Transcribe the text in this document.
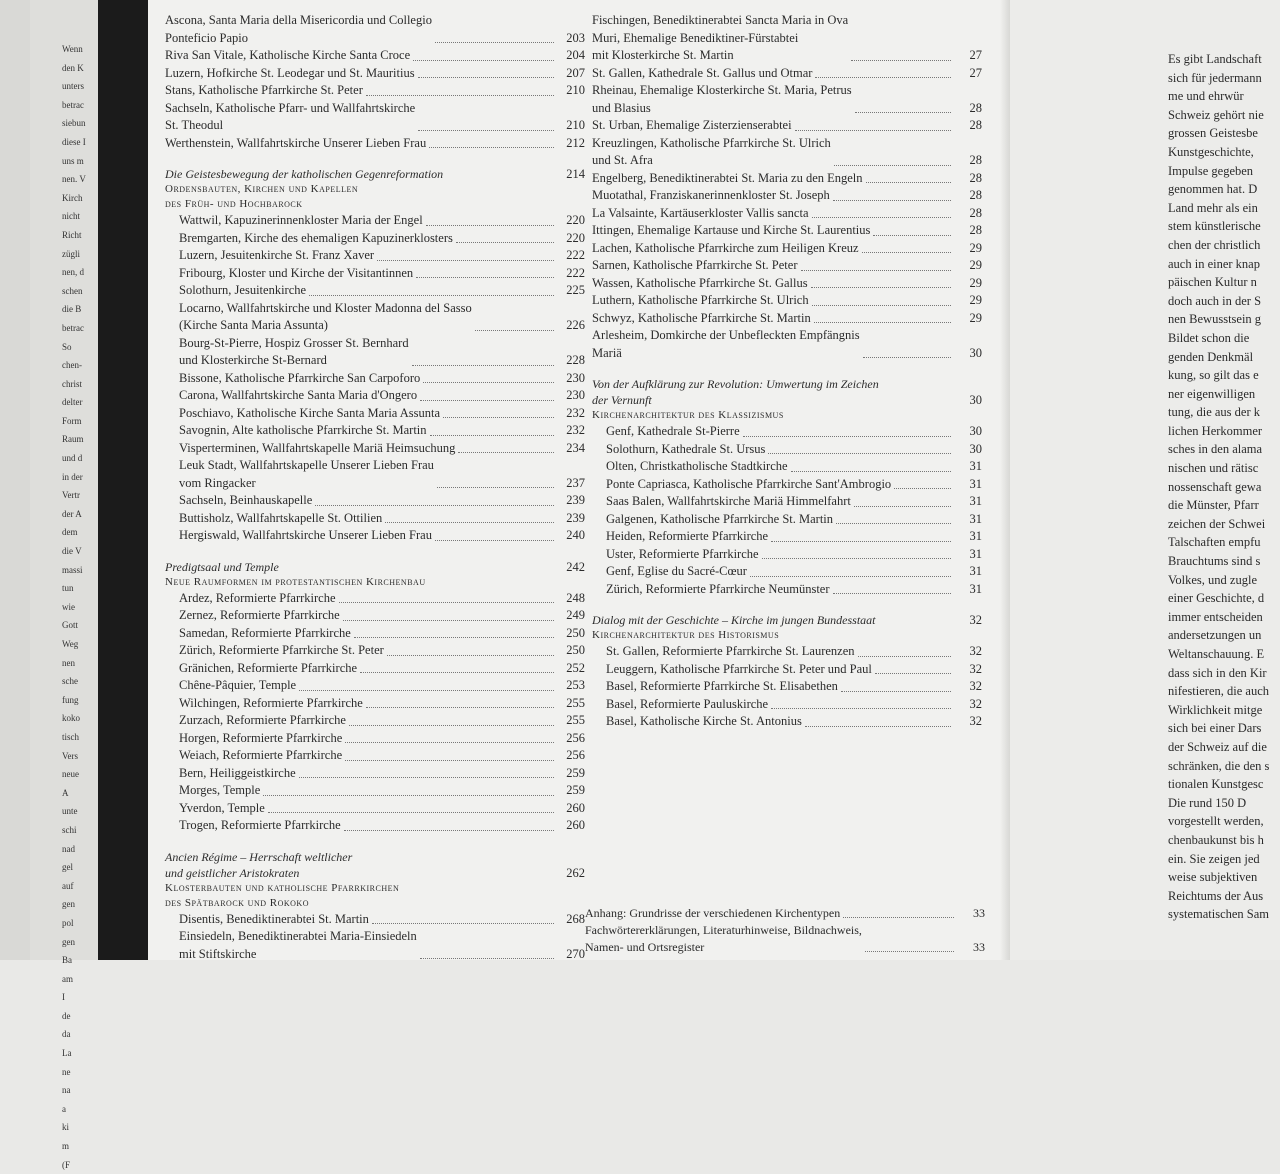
Wenn
den K
unters
betrac
siebun
diese I
uns m
nen. V
Kirch
nicht
Richt
zügli
nen, d
schen
die B
betrac
So
chen-
christ
delter
Form
Raum
und d
in der
Vertr
der A
dem
die V
massi
tun
wie
Gott
Weg
nen
sche
fung
koko
tisch
Vers
neue
A
unte
schi
nad
gel
auf
gen
pol
gen
Ba
am
I
de
da
La
ne
na
a
ki
m
(F
Ascona, Santa Maria della Misericordia und Collegio
Ponteficio Papio	203
Riva San Vitale, Katholische Kirche Santa Croce	204
Luzern, Hofkirche St. Leodegar und St. Mauritius	207
Stans, Katholische Pfarrkirche St. Peter	210
Sachseln, Katholische Pfarr- und Wallfahrtskirche
St. Theodul	210
Werthenstein, Wallfahrtskirche Unserer Lieben Frau	212
Die Geistesbewegung der katholischen Gegenreformation	214
Ordensbauten, Kirchen und Kapellen
des Früh- und Hochbarock
Wattwil, Kapuzinerinnenkloster Maria der Engel	220
Bremgarten, Kirche des ehemaligen Kapuzinerklosters	220
Luzern, Jesuitenkirche St. Franz Xaver	222
Fribourg, Kloster und Kirche der Visitantinnen	222
Solothurn, Jesuitenkirche	225
Locarno, Wallfahrtskirche und Kloster Madonna del Sasso
(Kirche Santa Maria Assunta)	226
Bourg-St-Pierre, Hospiz Grosser St. Bernhard
und Klosterkirche St-Bernard	228
Bissone, Katholische Pfarrkirche San Carpoforo	230
Carona, Wallfahrtskirche Santa Maria d'Ongero	230
Poschiavo, Katholische Kirche Santa Maria Assunta	232
Savognin, Alte katholische Pfarrkirche St. Martin	232
Visperterminen, Wallfahrtskapelle Mariä Heimsuchung	234
Leuk Stadt, Wallfahrtskapelle Unserer Lieben Frau
vom Ringacker	237
Sachseln, Beinhauskapelle	239
Buttisholz, Wallfahrtskapelle St. Ottilien	239
Hergiswald, Wallfahrtskirche Unserer Lieben Frau	240
Predigtsaal und Temple	242
Neue Raumformen im protestantischen Kirchenbau
Ardez, Reformierte Pfarrkirche	248
Zernez, Reformierte Pfarrkirche	249
Samedan, Reformierte Pfarrkirche	250
Zürich, Reformierte Pfarrkirche St. Peter	250
Gränichen, Reformierte Pfarrkirche	252
Chêne-Pâquier, Temple	253
Wilchingen, Reformierte Pfarrkirche	255
Zurzach, Reformierte Pfarrkirche	255
Horgen, Reformierte Pfarrkirche	256
Weiach, Reformierte Pfarrkirche	256
Bern, Heiliggeistkirche	259
Morges, Temple	259
Yverdon, Temple	260
Trogen, Reformierte Pfarrkirche	260
Ancien Régime – Herrschaft weltlicher
und geistlicher Aristokraten	262
Klosterbauten und katholische Pfarrkirchen
des Spätbarock und Rokoko
Disentis, Benediktinerabtei St. Martin	268
Einsiedeln, Benediktinerabtei Maria-Einsiedeln
mit Stiftskirche	270
Fischingen, Benediktinerabtei Sancta Maria in Ova
Muri, Ehemalige Benediktiner-Fürstabtei
mit Klosterkirche St. Martin	27
St. Gallen, Kathedrale St. Gallus und Otmar	27
Rheinau, Ehemalige Klosterkirche St. Maria, Petrus
und Blasius	28
St. Urban, Ehemalige Zisterzienserabtei	28
Kreuzlingen, Katholische Pfarrkirche St. Ulrich
und St. Afra	28
Engelberg, Benediktinerabtei St. Maria zu den Engeln	28
Muotathal, Franziskanerinnenkloster St. Joseph	28
La Valsainte, Kartäuserkloster Vallis sancta	28
Ittingen, Ehemalige Kartause und Kirche St. Laurentius	28
Lachen, Katholische Pfarrkirche zum Heiligen Kreuz	29
Sarnen, Katholische Pfarrkirche St. Peter	29
Wassen, Katholische Pfarrkirche St. Gallus	29
Luthern, Katholische Pfarrkirche St. Ulrich	29
Schwyz, Katholische Pfarrkirche St. Martin	29
Arlesheim, Domkirche der Unbefleckten Empfängnis
Mariä	30
Von der Aufklärung zur Revolution: Umwertung im Zeichen
der Vernunft	30
Kirchenarchitektur des Klassizismus
Genf, Kathedrale St-Pierre	30
Solothurn, Kathedrale St. Ursus	30
Olten, Christkatholische Stadtkirche	31
Ponte Capriasca, Katholische Pfarrkirche Sant'Ambrogio	31
Saas Balen, Wallfahrtskirche Mariä Himmelfahrt	31
Galgenen, Katholische Pfarrkirche St. Martin	31
Heiden, Reformierte Pfarrkirche	31
Uster, Reformierte Pfarrkirche	31
Genf, Eglise du Sacré-Cœur	31
Zürich, Reformierte Pfarrkirche Neumünster	31
Dialog mit der Geschichte – Kirche im jungen Bundesstaat	32
Kirchenarchitektur des Historismus
St. Gallen, Reformierte Pfarrkirche St. Laurenzen	32
Leuggern, Katholische Pfarrkirche St. Peter und Paul	32
Basel, Reformierte Pfarrkirche St. Elisabethen	32
Basel, Reformierte Pauluskirche	32
Basel, Katholische Kirche St. Antonius	32
Anhang: Grundrisse der verschiedenen Kirchentypen	33
Fachwörtererklärungen, Literaturhinweise, Bildnachweis,
Namen- und Ortsregister	33
Es gibt Landschaft
sich für jedermann
me und ehrwür
Schweiz gehört nie
grossen Geistesbe
Kunstgeschichte,
Impulse gegeben
genommen hat. D
Land mehr als ein
stem künstlerische
chen der christlich
auch in einer knap
päischen Kultur n
doch auch in der S
nen Bewusstsein g
Bildet schon die
genden Denkmäl
kung, so gilt das e
ner eigenwilligen
tung, die aus der k
lichen Herkommer
sches in den alama
nischen und rätisc
nossenschaft gewa
die Münster, Pfarr
zeichen der Schwei
Talschaften empfu
Brauchtums sind s
Volkes, und zugle
einer Geschichte, d
immer entscheiden
andersetzungen un
Weltanschauung. E
dass sich in den Kir
nifestieren, die auch
Wirklichkeit mitge
sich bei einer Dars
der Schweiz auf die
schränken, die den s
tionalen Kunstgesc
Die rund 150 D
vorgestellt werden,
chenbaukunst bis h
ein. Sie zeigen jed
weise subjektiven
Reichtums der Aus
systematischen Sam
